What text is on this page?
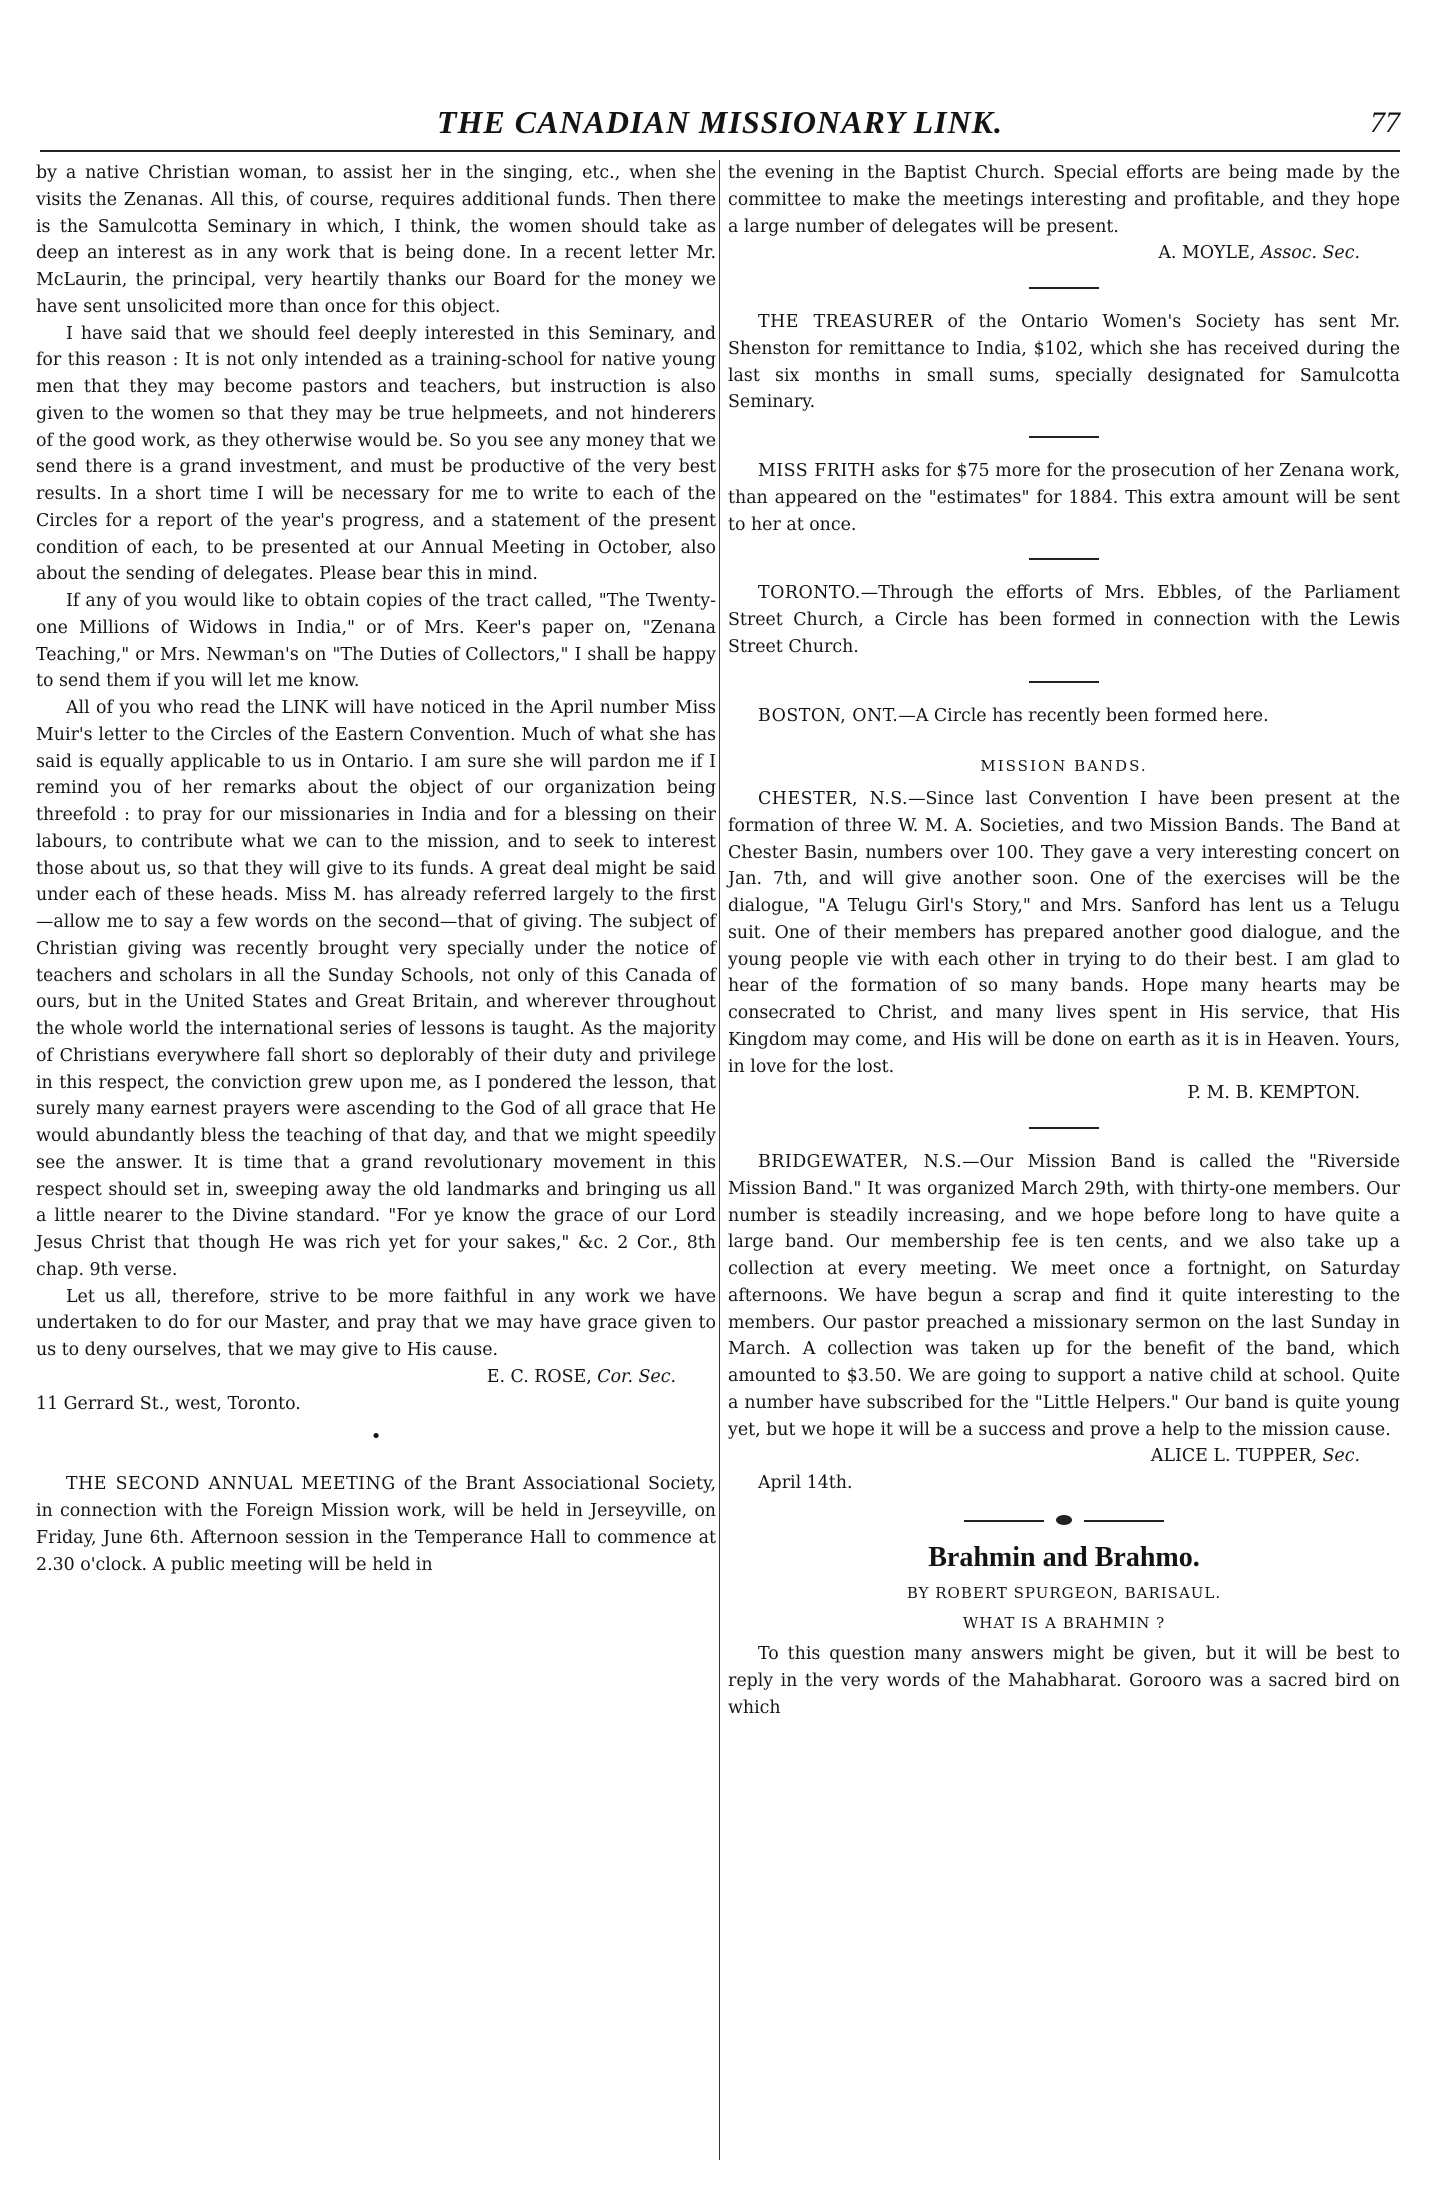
THE CANADIAN MISSIONARY LINK.	77

by a native Christian woman, to assist her in the singing, etc., when she visits the Zenanas. All this, of course, requires additional funds. Then there is the Samulcotta Seminary in which, I think, the women should take as deep an interest as in any work that is being done. In a recent letter Mr. McLaurin, the principal, very heartily thanks our Board for the money we have sent unsolicited more than once for this object.

I have said that we should feel deeply interested in this Seminary, and for this reason : It is not only intended as a training-school for native young men that they may become pastors and teachers, but instruction is also given to the women so that they may be true helpmeets, and not hinderers of the good work, as they otherwise would be. So you see any money that we send there is a grand investment, and must be productive of the very best results. In a short time I will be necessary for me to write to each of the Circles for a report of the year's progress, and a statement of the present condition of each, to be presented at our Annual Meeting in October, also about the sending of delegates. Please bear this in mind.

If any of you would like to obtain copies of the tract called, "The Twenty-one Millions of Widows in India," or of Mrs. Keer's paper on, "Zenana Teaching," or Mrs. Newman's on "The Duties of Collectors," I shall be happy to send them if you will let me know.

All of you who read the LINK will have noticed in the April number Miss Muir's letter to the Circles of the Eastern Convention. Much of what she has said is equally applicable to us in Ontario. I am sure she will pardon me if I remind you of her remarks about the object of our organization being threefold : to pray for our missionaries in India and for a blessing on their labours, to contribute what we can to the mission, and to seek to interest those about us, so that they will give to its funds. A great deal might be said under each of these heads. Miss M. has already referred largely to the first—allow me to say a few words on the second—that of giving. The subject of Christian giving was recently brought very specially under the notice of teachers and scholars in all the Sunday Schools, not only of this Canada of ours, but in the United States and Great Britain, and wherever throughout the whole world the international series of lessons is taught. As the majority of Christians everywhere fall short so deplorably of their duty and privilege in this respect, the conviction grew upon me, as I pondered the lesson, that surely many earnest prayers were ascending to the God of all grace that He would abundantly bless the teaching of that day, and that we might speedily see the answer. It is time that a grand revolutionary movement in this respect should set in, sweeping away the old landmarks and bringing us all a little nearer to the Divine standard. "For ye know the grace of our Lord Jesus Christ that though He was rich yet for your sakes," &c. 2 Cor., 8th chap. 9th verse.

Let us all, therefore, strive to be more faithful in any work we have undertaken to do for our Master, and pray that we may have grace given to us to deny ourselves, that we may give to His cause.

E. C. ROSE, Cor. Sec.

11 Gerrard St., west, Toronto.

•

THE SECOND ANNUAL MEETING of the Brant Associational Society, in connection with the Foreign Mission work, will be held in Jerseyville, on Friday, June 6th. Afternoon session in the Temperance Hall to commence at 2.30 o'clock. A public meeting will be held in

the evening in the Baptist Church. Special efforts are being made by the committee to make the meetings interesting and profitable, and they hope a large number of delegates will be present.

A. MOYLE, Assoc. Sec.

THE TREASURER of the Ontario Women's Society has sent Mr. Shenston for remittance to India, $102, which she has received during the last six months in small sums, specially designated for Samulcotta Seminary.

MISS FRITH asks for $75 more for the prosecution of her Zenana work, than appeared on the "estimates" for 1884. This extra amount will be sent to her at once.

TORONTO.—Through the efforts of Mrs. Ebbles, of the Parliament Street Church, a Circle has been formed in connection with the Lewis Street Church.

BOSTON, ONT.—A Circle has recently been formed here.

MISSION BANDS.

CHESTER, N.S.—Since last Convention I have been present at the formation of three W. M. A. Societies, and two Mission Bands. The Band at Chester Basin, numbers over 100. They gave a very interesting concert on Jan. 7th, and will give another soon. One of the exercises will be the dialogue, "A Telugu Girl's Story," and Mrs. Sanford has lent us a Telugu suit. One of their members has prepared another good dialogue, and the young people vie with each other in trying to do their best. I am glad to hear of the formation of so many bands. Hope many hearts may be consecrated to Christ, and many lives spent in His service, that His Kingdom may come, and His will be done on earth as it is in Heaven. Yours, in love for the lost.

P. M. B. KEMPTON.

BRIDGEWATER, N.S.—Our Mission Band is called the "Riverside Mission Band." It was organized March 29th, with thirty-one members. Our number is steadily increasing, and we hope before long to have quite a large band. Our membership fee is ten cents, and we also take up a collection at every meeting. We meet once a fortnight, on Saturday afternoons. We have begun a scrap and find it quite interesting to the members. Our pastor preached a missionary sermon on the last Sunday in March. A collection was taken up for the benefit of the band, which amounted to $3.50. We are going to support a native child at school. Quite a number have subscribed for the "Little Helpers." Our band is quite young yet, but we hope it will be a success and prove a help to the mission cause.

ALICE L. TUPPER, Sec.

April 14th.

Brahmin and Brahmo.

BY ROBERT SPURGEON, BARISAUL.

WHAT IS A BRAHMIN ?

To this question many answers might be given, but it will be best to reply in the very words of the Mahabharat. Gorooro was a sacred bird on which
